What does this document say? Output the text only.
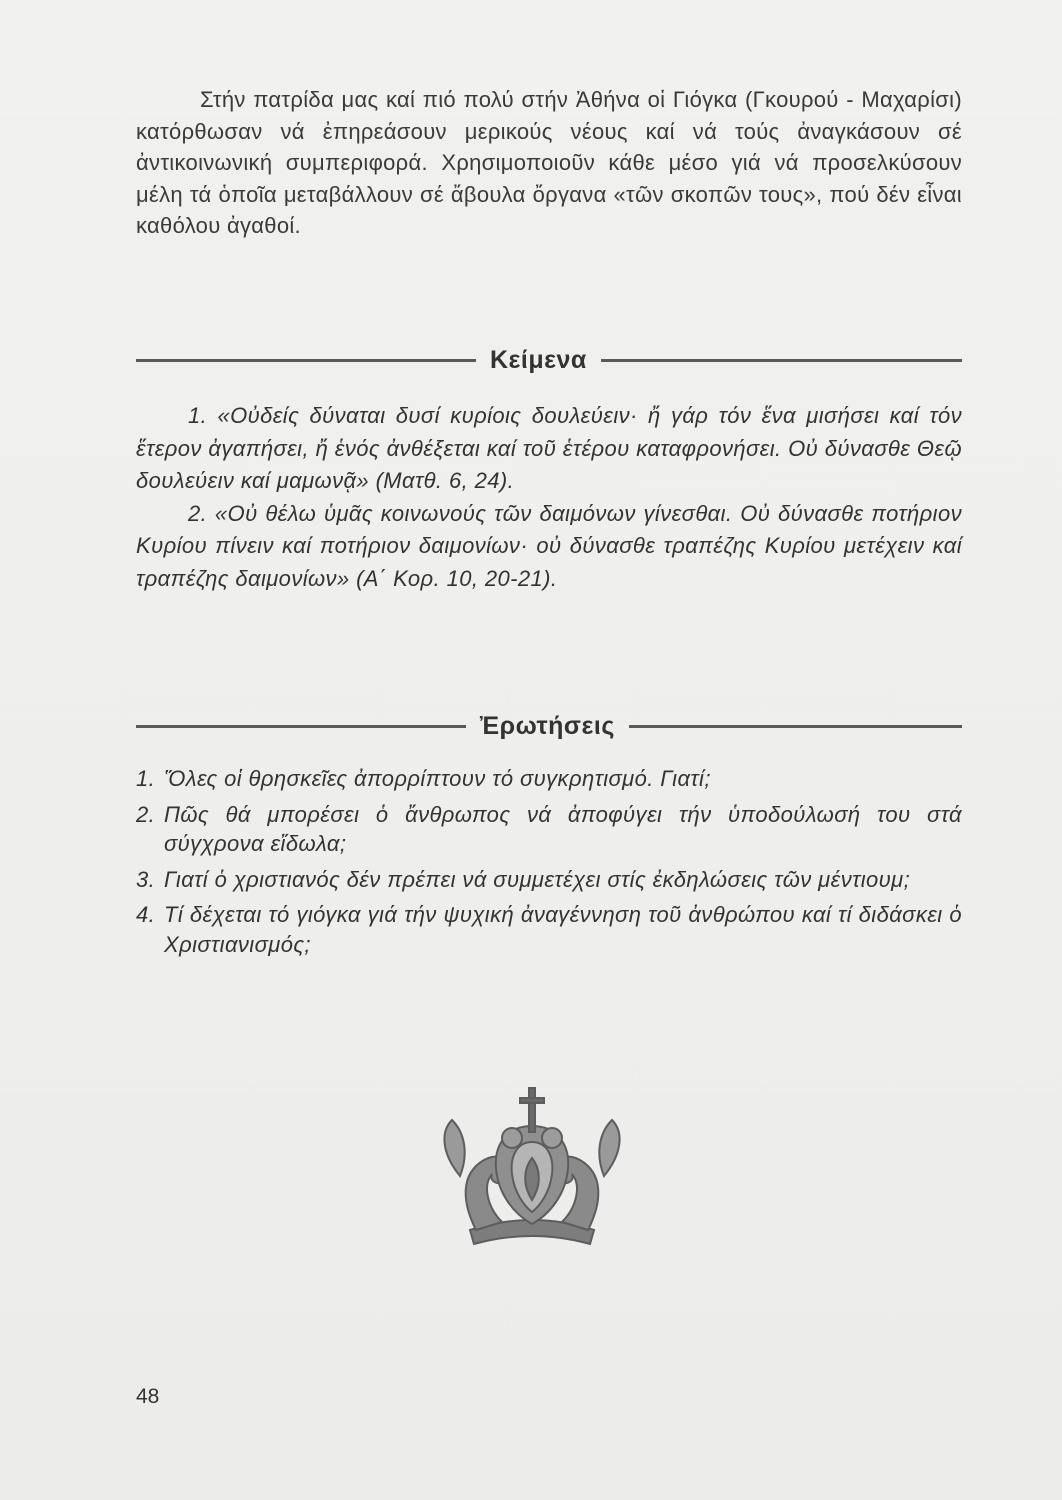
Στήν πατρίδα μας καί πιό πολύ στήν Ἀθήνα οἱ Γιόγκα (Γκουρού - Μαχαρίσι) κατόρθωσαν νά ἐπηρεάσουν μερικούς νέους καί νά τούς ἀναγκάσουν σέ ἀντικοινωνική συμπεριφορά. Χρησιμοποιοῦν κάθε μέσο γιά νά προσελκύσουν μέλη τά ὁποῖα μεταβάλλουν σέ ἄβουλα ὄργανα «τῶν σκοπῶν τους», πού δέν εἶναι καθόλου ἀγαθοί.

Κείμενα

1. «Οὐδείς δύναται δυσί κυρίοις δουλεύειν· ἤ γάρ τόν ἕνα μισήσει καί τόν ἕτερον ἀγαπήσει, ἤ ἑνός ἀνθέξεται καί τοῦ ἑτέρου καταφρονήσει. Οὐ δύνασθε Θεῷ δουλεύειν καί μαμωνᾷ» (Ματθ. 6, 24).

2. «Οὐ θέλω ὑμᾶς κοινωνούς τῶν δαιμόνων γίνεσθαι. Οὐ δύνασθε ποτήριον Κυρίου πίνειν καί ποτήριον δαιμονίων· οὐ δύνασθε τραπέζης Κυρίου μετέχειν καί τραπέζης δαιμονίων» (Α΄ Κορ. 10, 20-21).

Ἐρωτήσεις
1. Ὅλες οἱ θρησκεῖες ἀπορρίπτουν τό συγκρητισμό. Γιατί;
2. Πῶς θά μπορέσει ὁ ἄνθρωπος νά ἀποφύγει τήν ὑποδούλωσή του στά σύγχρονα εἴδωλα;
3. Γιατί ὁ χριστιανός δέν πρέπει νά συμμετέχει στίς ἐκδηλώσεις τῶν μέντιουμ;
4. Τί δέχεται τό γιόγκα γιά τήν ψυχική ἀναγέννηση τοῦ ἀνθρώπου καί τί διδάσκει ὁ Χριστιανισμός;
48
